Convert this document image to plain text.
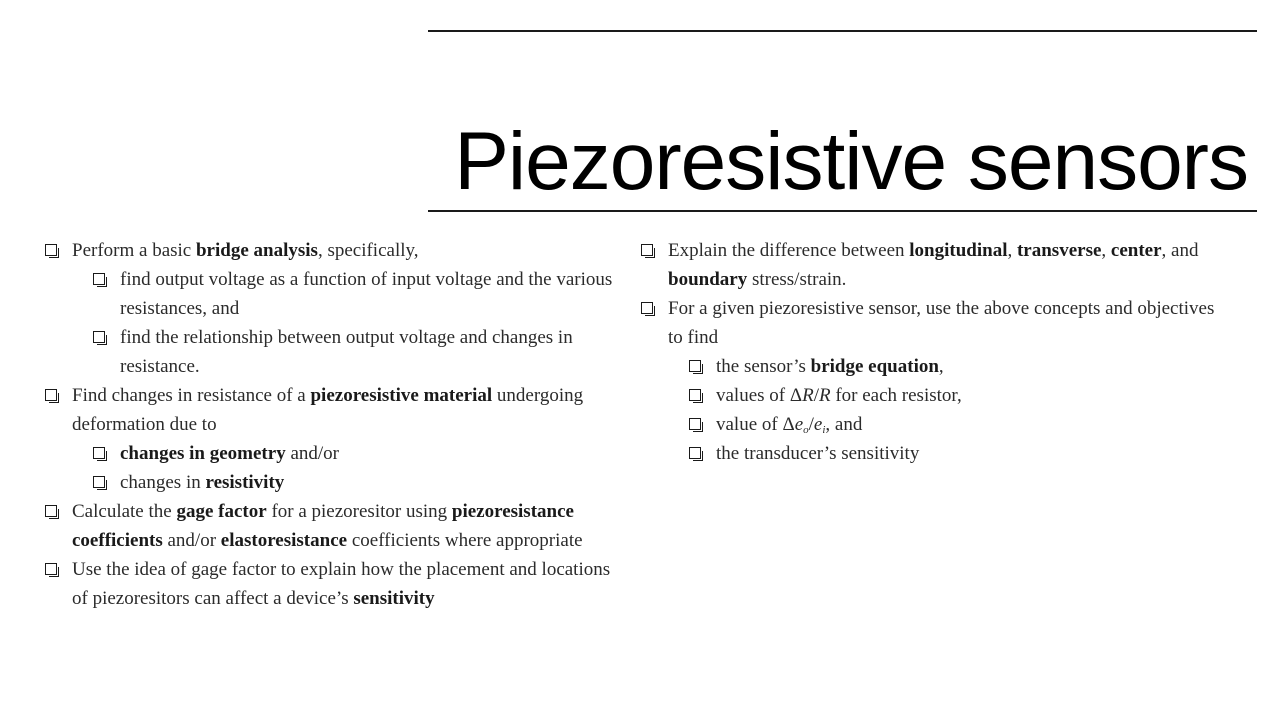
Piezoresistive sensors
Perform a basic bridge analysis, specifically,
find output voltage as a function of input voltage and the various resistances, and
find the relationship between output voltage and changes in resistance.
Find changes in resistance of a piezoresistive material undergoing deformation due to
changes in geometry and/or
changes in resistivity
Calculate the gage factor for a piezoresitor using piezoresistance coefficients and/or elastoresistance coefficients where appropriate
Use the idea of gage factor to explain how the placement and locations of piezoresitors can affect a device’s sensitivity
Explain the difference between longitudinal, transverse, center, and boundary stress/strain.
For a given piezoresistive sensor, use the above concepts and objectives to find
the sensor’s bridge equation,
values of ΔR/R for each resistor,
value of $\Delta e_o/e_i$, and
the transducer’s sensitivity
